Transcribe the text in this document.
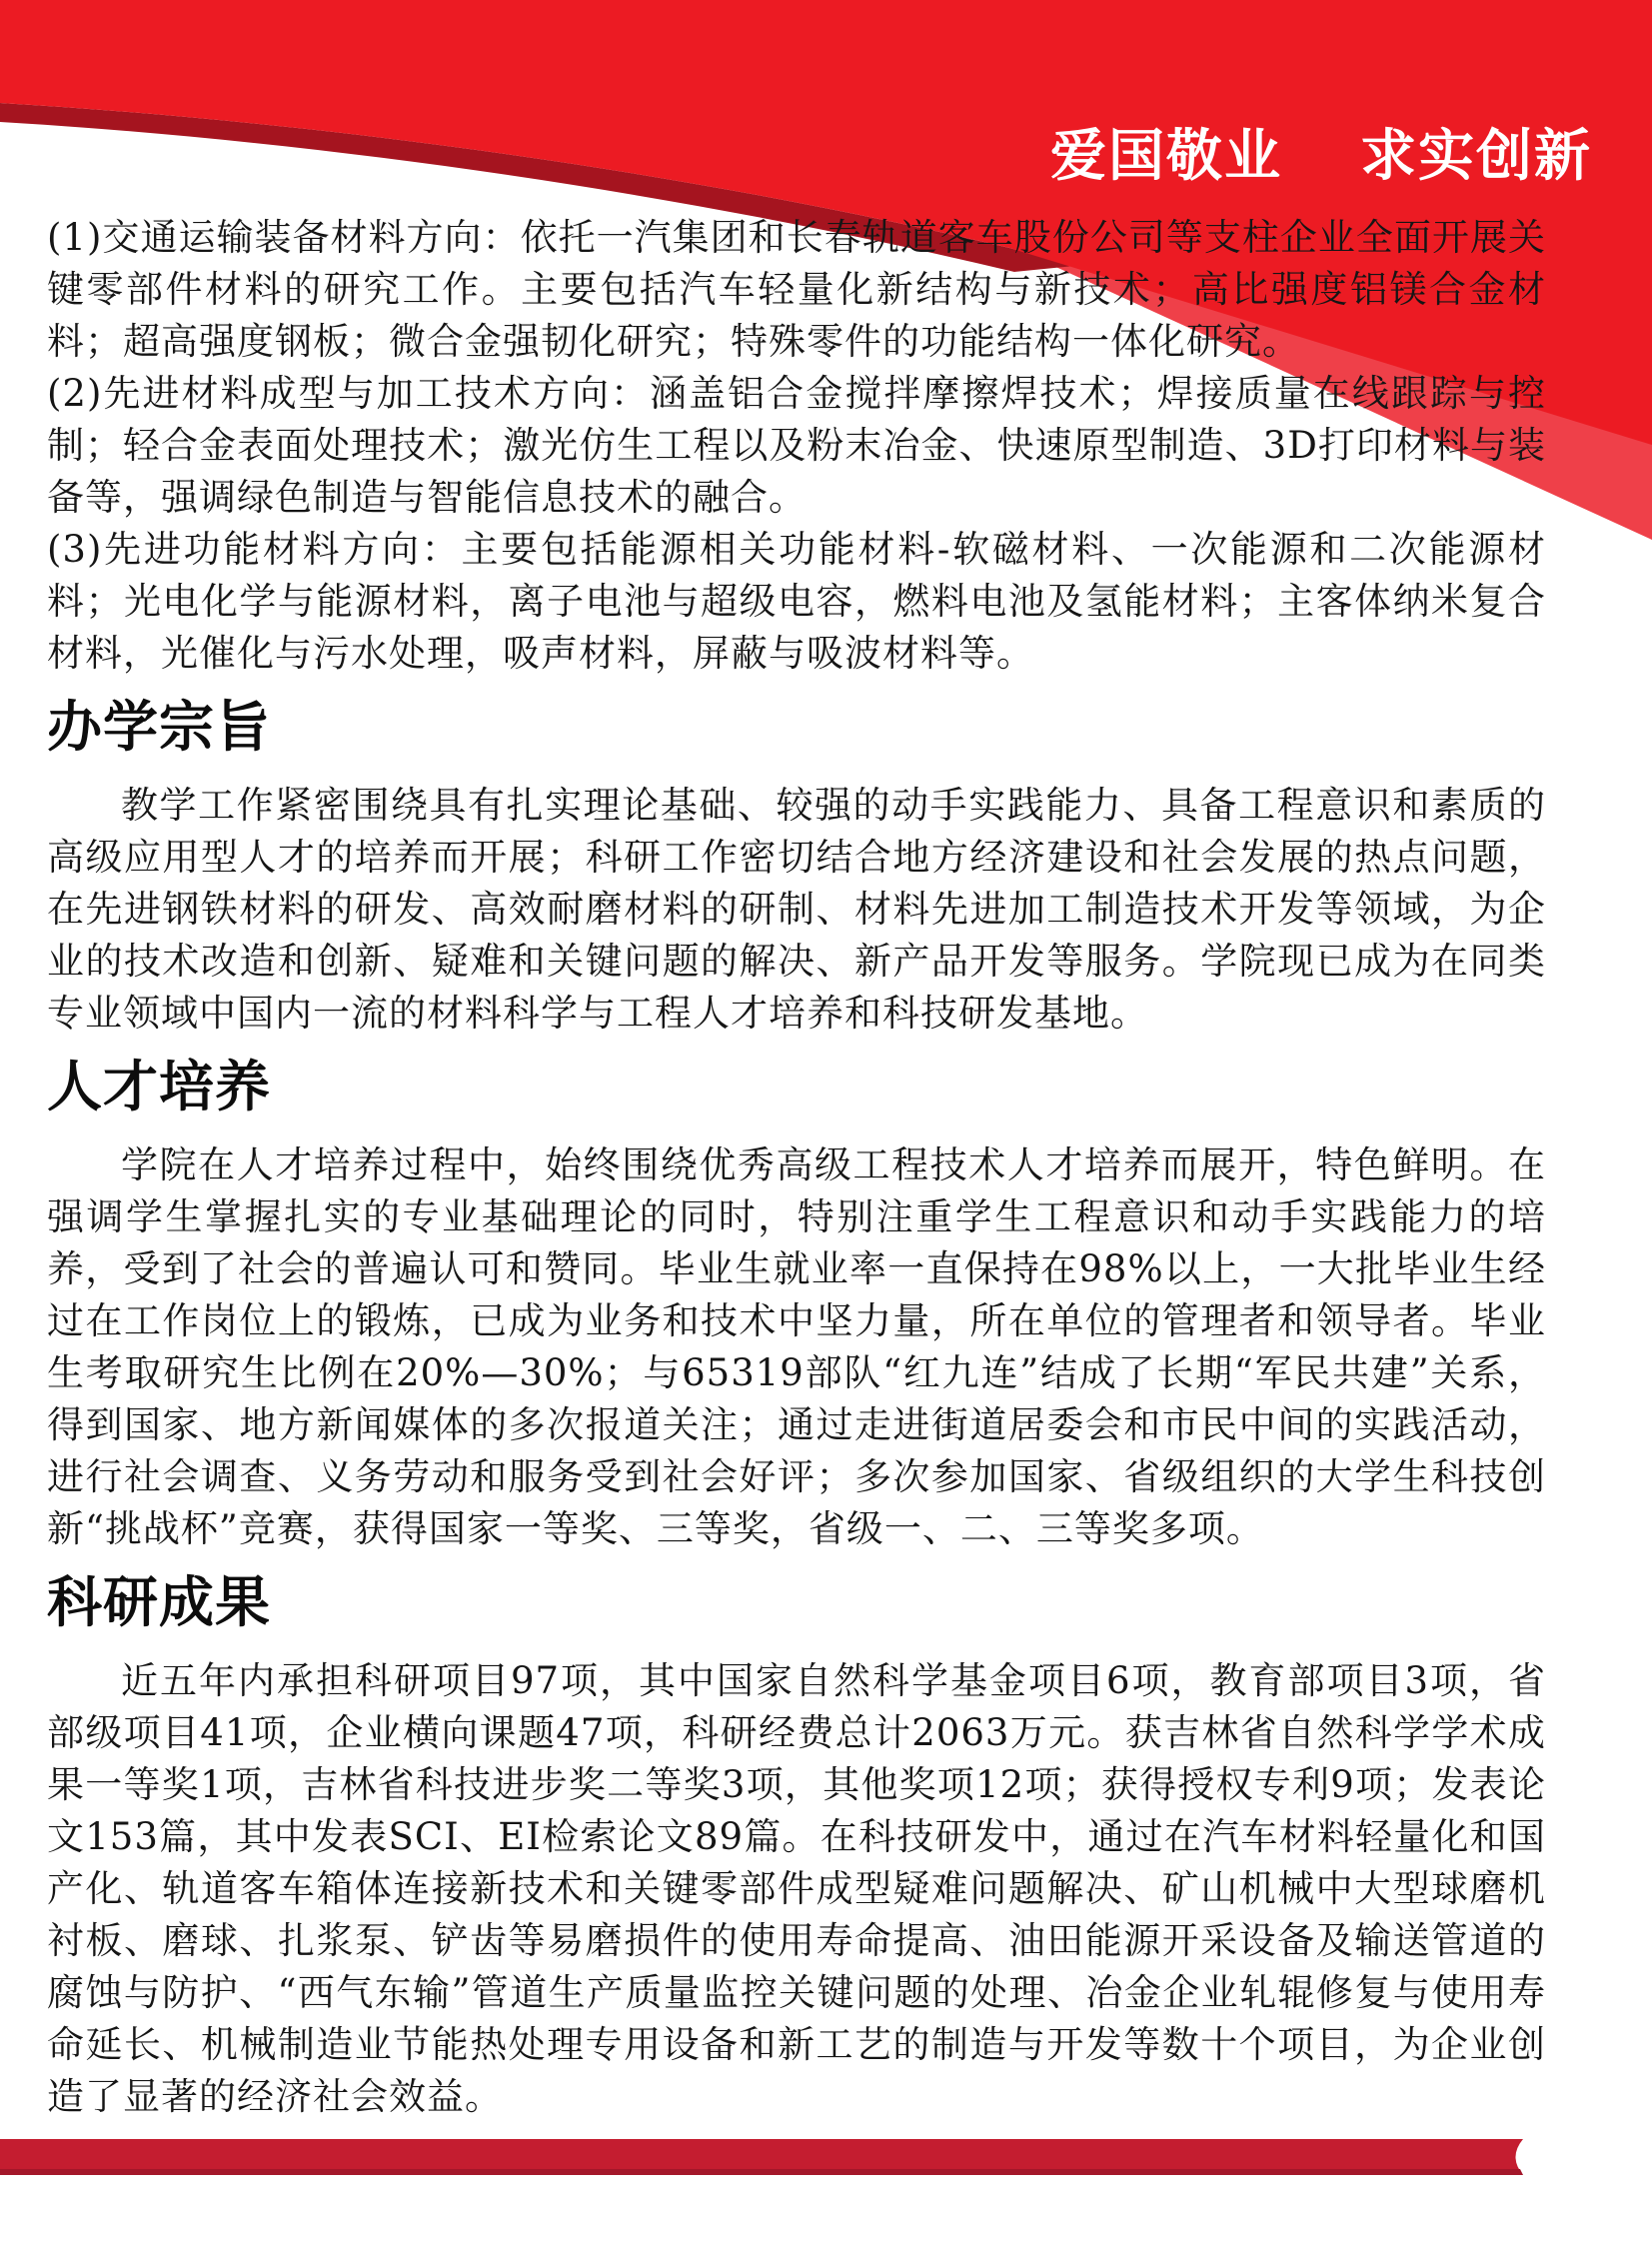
爱国敬业 求实创新

(1)交通运输装备材料方向：依托一汽集团和长春轨道客车股份公司等支柱企业全面开展关键零部件材料的研究工作。主要包括汽车轻量化新结构与新技术；高比强度铝镁合金材料；超高强度钢板；微合金强韧化研究；特殊零件的功能结构一体化研究。

(2)先进材料成型与加工技术方向：涵盖铝合金搅拌摩擦焊技术；焊接质量在线跟踪与控制；轻合金表面处理技术；激光仿生工程以及粉末冶金、快速原型制造、3D打印材料与装备等，强调绿色制造与智能信息技术的融合。

(3)先进功能材料方向：主要包括能源相关功能材料-软磁材料、一次能源和二次能源材料；光电化学与能源材料，离子电池与超级电容，燃料电池及氢能材料；主客体纳米复合材料，光催化与污水处理，吸声材料，屏蔽与吸波材料等。

办学宗旨

教学工作紧密围绕具有扎实理论基础、较强的动手实践能力、具备工程意识和素质的高级应用型人才的培养而开展；科研工作密切结合地方经济建设和社会发展的热点问题，在先进钢铁材料的研发、高效耐磨材料的研制、材料先进加工制造技术开发等领域，为企业的技术改造和创新、疑难和关键问题的解决、新产品开发等服务。学院现已成为在同类专业领域中国内一流的材料科学与工程人才培养和科技研发基地。

人才培养

学院在人才培养过程中，始终围绕优秀高级工程技术人才培养而展开，特色鲜明。在强调学生掌握扎实的专业基础理论的同时，特别注重学生工程意识和动手实践能力的培养，受到了社会的普遍认可和赞同。毕业生就业率一直保持在98%以上，一大批毕业生经过在工作岗位上的锻炼，已成为业务和技术中坚力量，所在单位的管理者和领导者。毕业生考取研究生比例在20%—30%；与65319部队“红九连”结成了长期“军民共建”关系，得到国家、地方新闻媒体的多次报道关注；通过走进街道居委会和市民中间的实践活动，进行社会调查、义务劳动和服务受到社会好评；多次参加国家、省级组织的大学生科技创新“挑战杯”竞赛，获得国家一等奖、三等奖，省级一、二、三等奖多项。

科研成果

近五年内承担科研项目97项，其中国家自然科学基金项目6项，教育部项目3项，省部级项目41项，企业横向课题47项，科研经费总计2063万元。获吉林省自然科学学术成果一等奖1项，吉林省科技进步奖二等奖3项，其他奖项12项；获得授权专利9项；发表论文153篇，其中发表SCI、EI检索论文89篇。在科技研发中，通过在汽车材料轻量化和国产化、轨道客车箱体连接新技术和关键零部件成型疑难问题解决、矿山机械中大型球磨机衬板、磨球、扎浆泵、铲齿等易磨损件的使用寿命提高、油田能源开采设备及输送管道的腐蚀与防护、“西气东输”管道生产质量监控关键问题的处理、冶金企业轧辊修复与使用寿命延长、机械制造业节能热处理专用设备和新工艺的制造与开发等数十个项目，为企业创造了显著的经济社会效益。
